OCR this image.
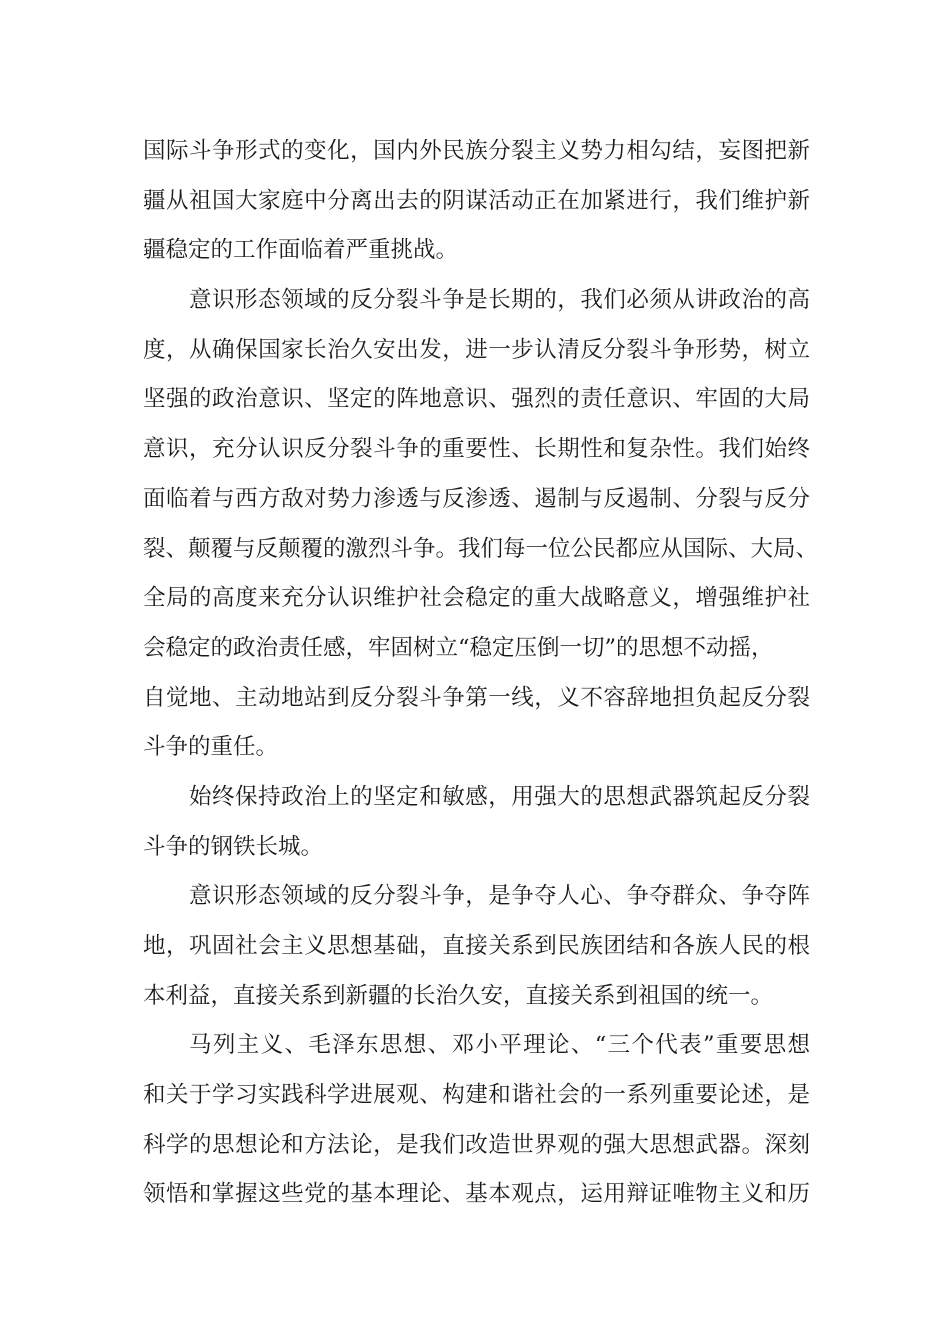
国际斗争形式的变化，国内外民族分裂主义势力相勾结，妄图把新
疆从祖国大家庭中分离出去的阴谋活动正在加紧进行，我们维护新
疆稳定的工作面临着严重挑战。
意识形态领域的反分裂斗争是长期的，我们必须从讲政治的高
度，从确保国家长治久安出发，进一步认清反分裂斗争形势，树立
坚强的政治意识、坚定的阵地意识、强烈的责任意识、牢固的大局
意识，充分认识反分裂斗争的重要性、长期性和复杂性。我们始终
面临着与西方敌对势力渗透与反渗透、遏制与反遏制、分裂与反分
裂、颠覆与反颠覆的激烈斗争。我们每一位公民都应从国际、大局、
全局的高度来充分认识维护社会稳定的重大战略意义，增强维护社
会稳定的政治责任感，牢固树立“稳定压倒一切”的思想不动摇，
自觉地、主动地站到反分裂斗争第一线，义不容辞地担负起反分裂
斗争的重任。
始终保持政治上的坚定和敏感，用强大的思想武器筑起反分裂
斗争的钢铁长城。
意识形态领域的反分裂斗争，是争夺人心、争夺群众、争夺阵
地，巩固社会主义思想基础，直接关系到民族团结和各族人民的根
本利益，直接关系到新疆的长治久安，直接关系到祖国的统一。
马列主义、毛泽东思想、邓小平理论、“三个代表”重要思想
和关于学习实践科学进展观、构建和谐社会的一系列重要论述，是
科学的思想论和方法论，是我们改造世界观的强大思想武器。深刻
领悟和掌握这些党的基本理论、基本观点，运用辩证唯物主义和历
